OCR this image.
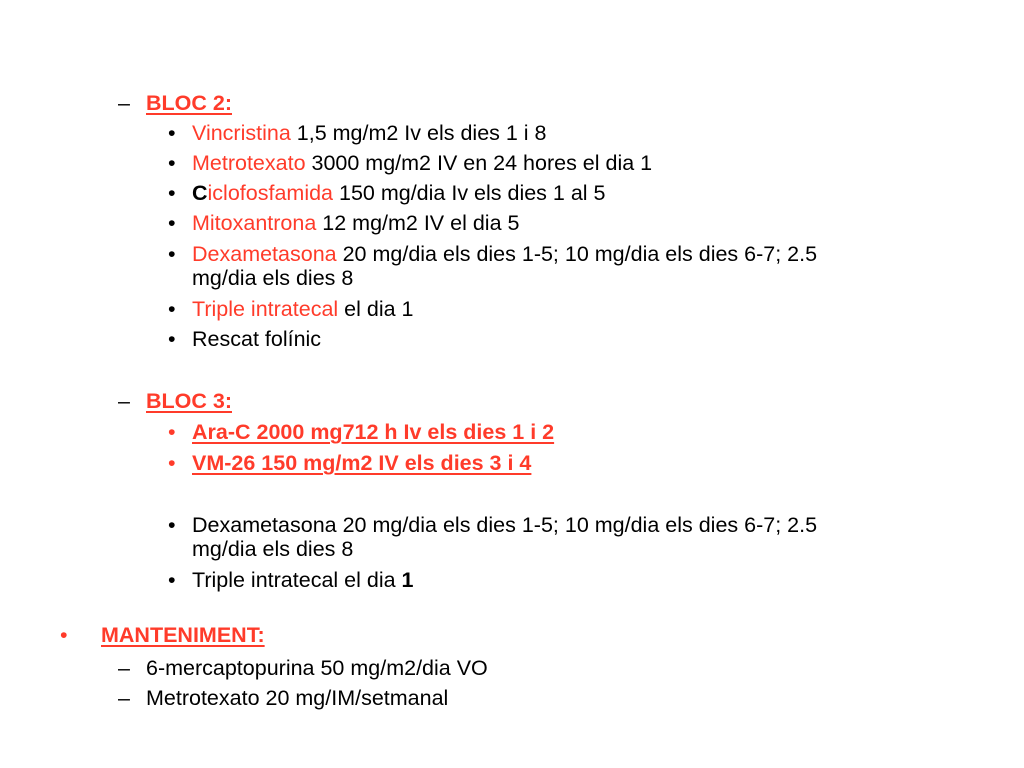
– BLOC 2:
• Vincristina 1,5 mg/m2 Iv els dies 1 i 8
• Metrotexato 3000 mg/m2 IV en 24 hores el dia 1
• Ciclofosfamida 150 mg/dia Iv els dies 1 al 5
• Mitoxantrona 12 mg/m2 IV el dia 5
• Dexametasona 20 mg/dia els dies 1-5; 10 mg/dia els dies 6-7; 2.5
mg/dia els dies 8
• Triple intratecal el dia 1
• Rescat folínic
– BLOC 3:
• Ara-C 2000 mg712 h Iv els dies 1 i 2
• VM-26 150 mg/m2 IV els dies 3 i 4
• Dexametasona 20 mg/dia els dies 1-5; 10 mg/dia els dies 6-7; 2.5
mg/dia els dies 8
• Triple intratecal el dia 1
• MANTENIMENT:
– 6-mercaptopurina 50 mg/m2/dia VO
– Metrotexato 20 mg/IM/setmanal
